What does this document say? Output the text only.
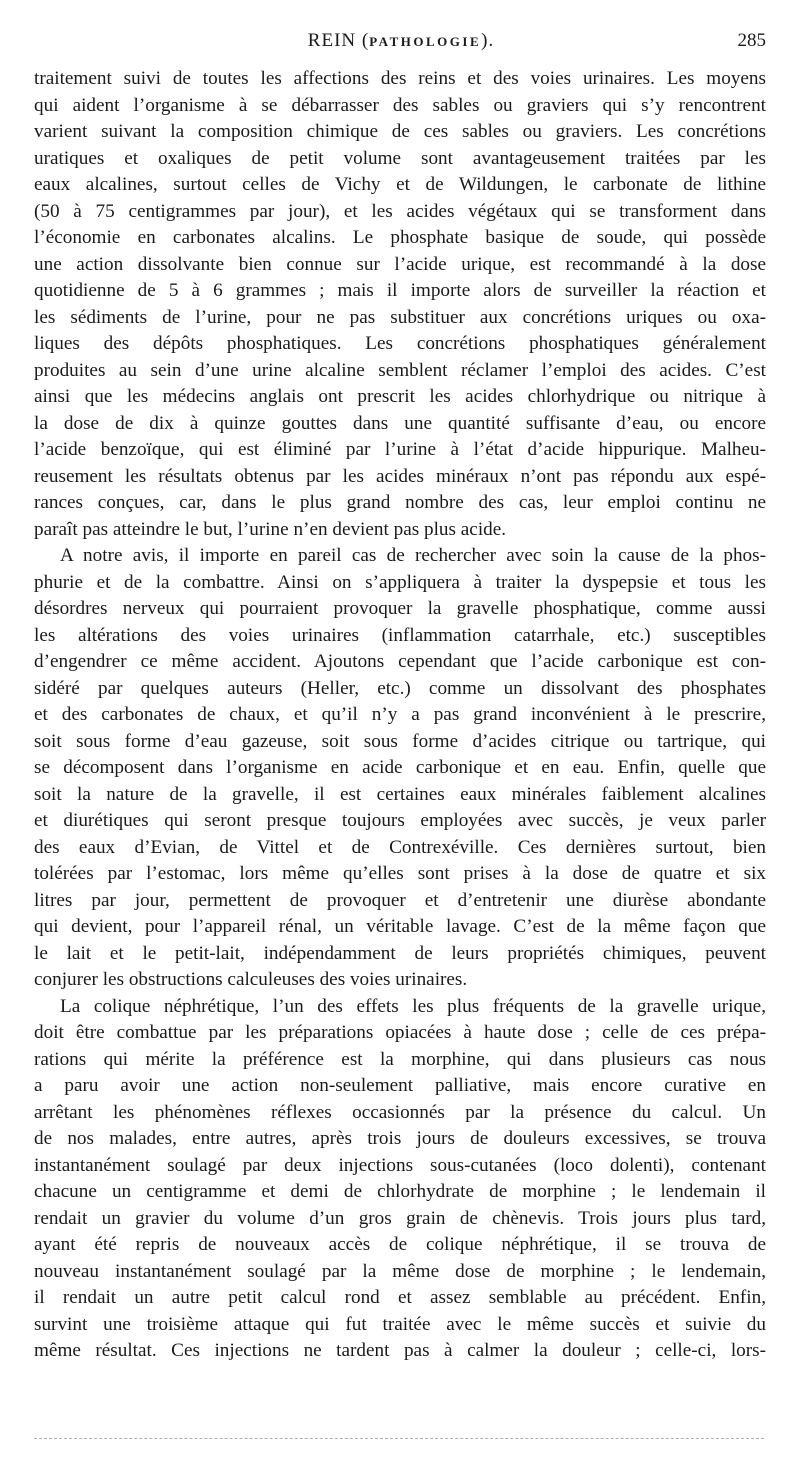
REIN (PATHOLOGIE).	285
traitement suivi de toutes les affections des reins et des voies urinaires. Les moyens
qui aident l’organisme à se débarrasser des sables ou graviers qui s’y rencontrent
varient suivant la composition chimique de ces sables ou graviers. Les concrétions
uratiques et oxaliques de petit volume sont avantageusement traitées par les
eaux alcalines, surtout celles de Vichy et de Wildungen, le carbonate de lithine
(50 à 75 centigrammes par jour), et les acides végétaux qui se transforment dans
l’économie en carbonates alcalins. Le phosphate basique de soude, qui possède
une action dissolvante bien connue sur l’acide urique, est recommandé à la dose
quotidienne de 5 à 6 grammes ; mais il importe alors de surveiller la réaction et
les sédiments de l’urine, pour ne pas substituer aux concrétions uriques ou oxa-
liques des dépôts phosphatiques. Les concrétions phosphatiques généralement
produites au sein d’une urine alcaline semblent réclamer l’emploi des acides. C’est
ainsi que les médecins anglais ont prescrit les acides chlorhydrique ou nitrique à
la dose de dix à quinze gouttes dans une quantité suffisante d’eau, ou encore
l’acide benzoïque, qui est éliminé par l’urine à l’état d’acide hippurique. Malheu-
reusement les résultats obtenus par les acides minéraux n’ont pas répondu aux espé-
rances conçues, car, dans le plus grand nombre des cas, leur emploi continu ne
paraît pas atteindre le but, l’urine n’en devient pas plus acide.
A notre avis, il importe en pareil cas de rechercher avec soin la cause de la phos-
phurie et de la combattre. Ainsi on s’appliquera à traiter la dyspepsie et tous les
désordres nerveux qui pourraient provoquer la gravelle phosphatique, comme aussi
les altérations des voies urinaires (inflammation catarrhale, etc.) susceptibles
d’engendrer ce même accident. Ajoutons cependant que l’acide carbonique est con-
sidéré par quelques auteurs (Heller, etc.) comme un dissolvant des phosphates
et des carbonates de chaux, et qu’il n’y a pas grand inconvénient à le prescrire,
soit sous forme d’eau gazeuse, soit sous forme d’acides citrique ou tartrique, qui
se décomposent dans l’organisme en acide carbonique et en eau. Enfin, quelle que
soit la nature de la gravelle, il est certaines eaux minérales faiblement alcalines
et diurétiques qui seront presque toujours employées avec succès, je veux parler
des eaux d’Evian, de Vittel et de Contrexéville. Ces dernières surtout, bien
tolérées par l’estomac, lors même qu’elles sont prises à la dose de quatre et six
litres par jour, permettent de provoquer et d’entretenir une diurèse abondante
qui devient, pour l’appareil rénal, un véritable lavage. C’est de la même façon que
le lait et le petit-lait, indépendamment de leurs propriétés chimiques, peuvent
conjurer les obstructions calculeuses des voies urinaires.
La colique néphrétique, l’un des effets les plus fréquents de la gravelle urique,
doit être combattue par les préparations opiacées à haute dose ; celle de ces prépa-
rations qui mérite la préférence est la morphine, qui dans plusieurs cas nous
a paru avoir une action non-seulement palliative, mais encore curative en
arrêtant les phénomènes réflexes occasionnés par la présence du calcul. Un
de nos malades, entre autres, après trois jours de douleurs excessives, se trouva
instantanément soulagé par deux injections sous-cutanées (loco dolenti), contenant
chacune un centigramme et demi de chlorhydrate de morphine ; le lendemain il
rendait un gravier du volume d’un gros grain de chènevis. Trois jours plus tard,
ayant été repris de nouveaux accès de colique néphrétique, il se trouva de
nouveau instantanément soulagé par la même dose de morphine ; le lendemain,
il rendait un autre petit calcul rond et assez semblable au précédent. Enfin,
survint une troisième attaque qui fut traitée avec le même succès et suivie du
même résultat. Ces injections ne tardent pas à calmer la douleur ; celle-ci, lors-
